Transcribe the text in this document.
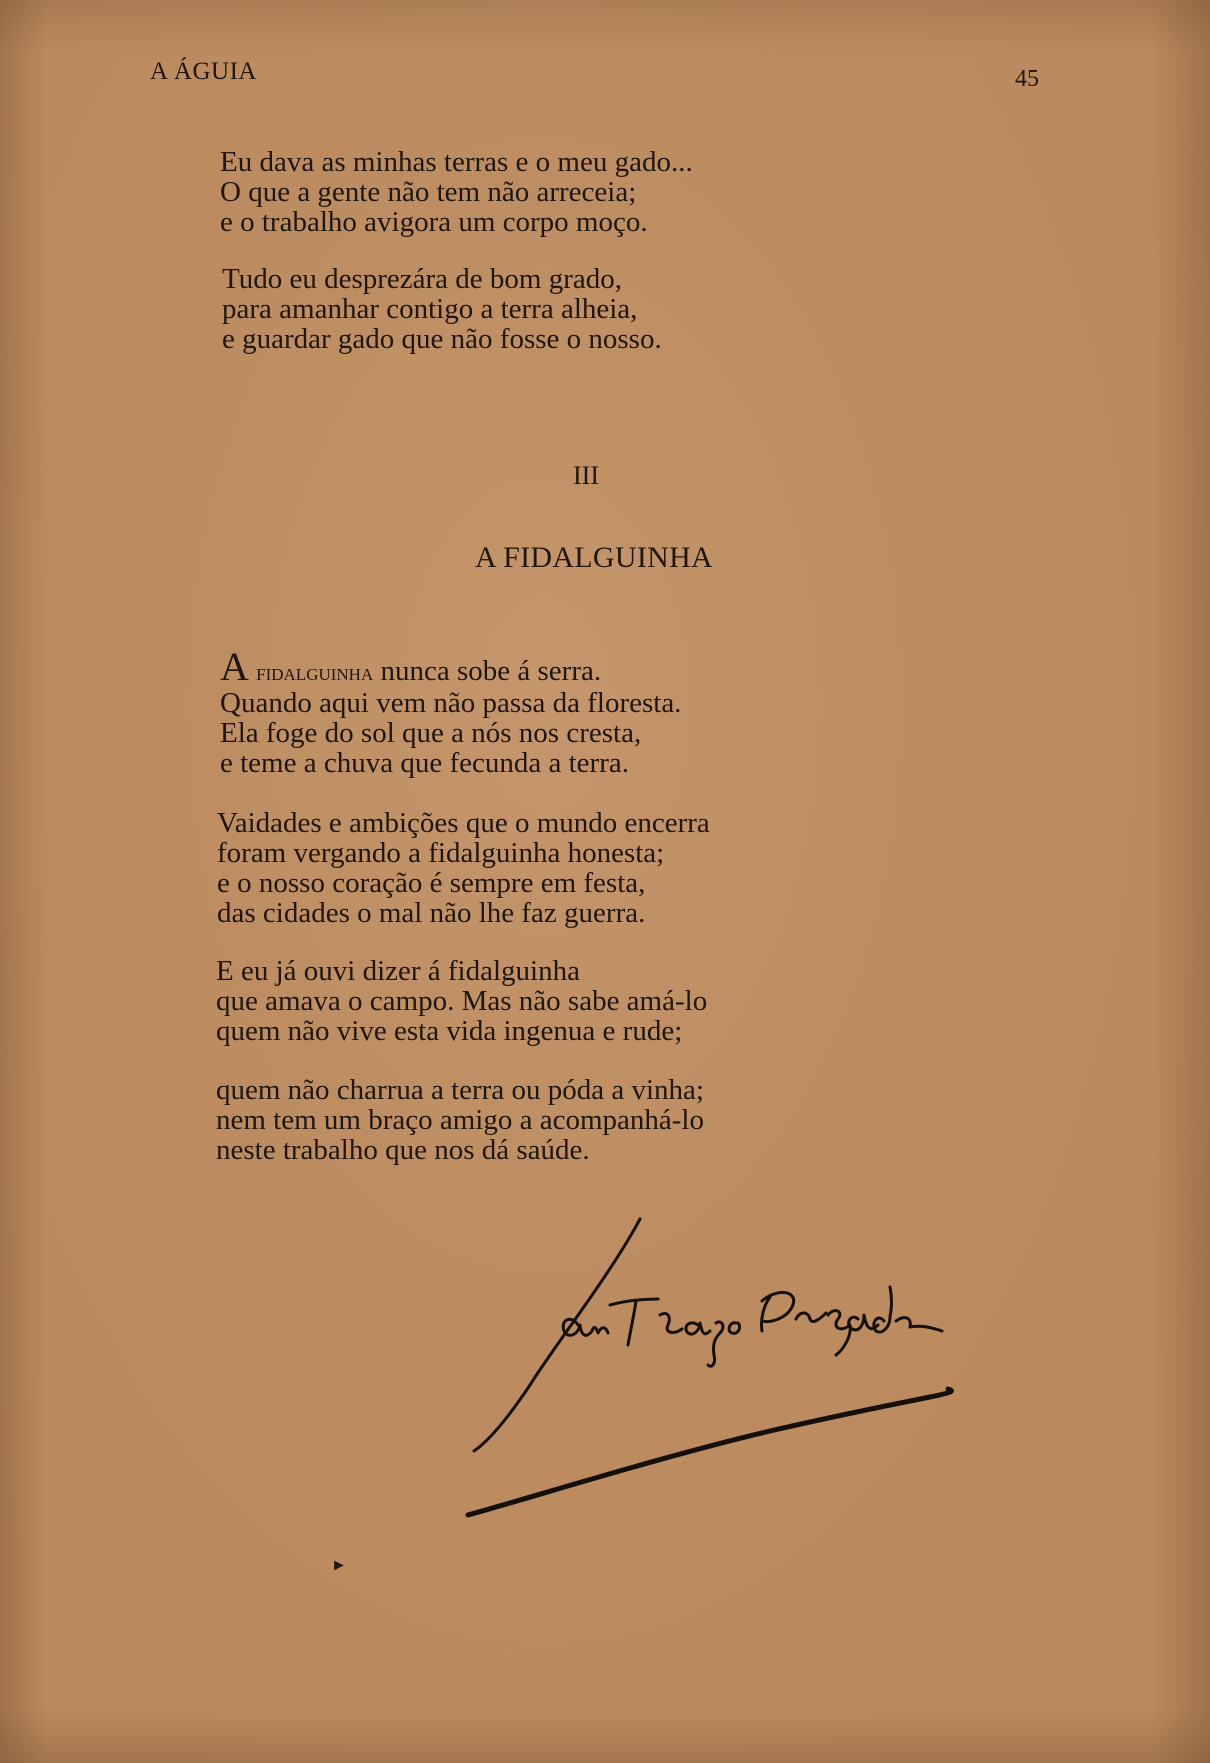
A ÁGUIA	45
Eu dava as minhas terras e o meu gado...
O que a gente não tem não arreceia;
e o trabalho avigora um corpo moço.
Tudo eu desprezára de bom grado,
para amanhar contigo a terra alheia,
e guardar gado que não fosse o nosso.
III
A FIDALGUINHA
A fidalguinha nunca sobe á serra.
Quando aqui vem não passa da floresta.
Ela foge do sol que a nós nos cresta,
e teme a chuva que fecunda a terra.
Vaidades e ambições que o mundo encerra
foram vergando a fidalguinha honesta;
e o nosso coração é sempre em festa,
das cidades o mal não lhe faz guerra.
E eu já ouvi dizer á fidalguinha
que amava o campo. Mas não sabe amá-lo
quem não vive esta vida ingenua e rude;
quem não charrua a terra ou póda a vinha;
nem tem um braço amigo a acompanhá-lo
neste trabalho que nos dá saúde.
►
